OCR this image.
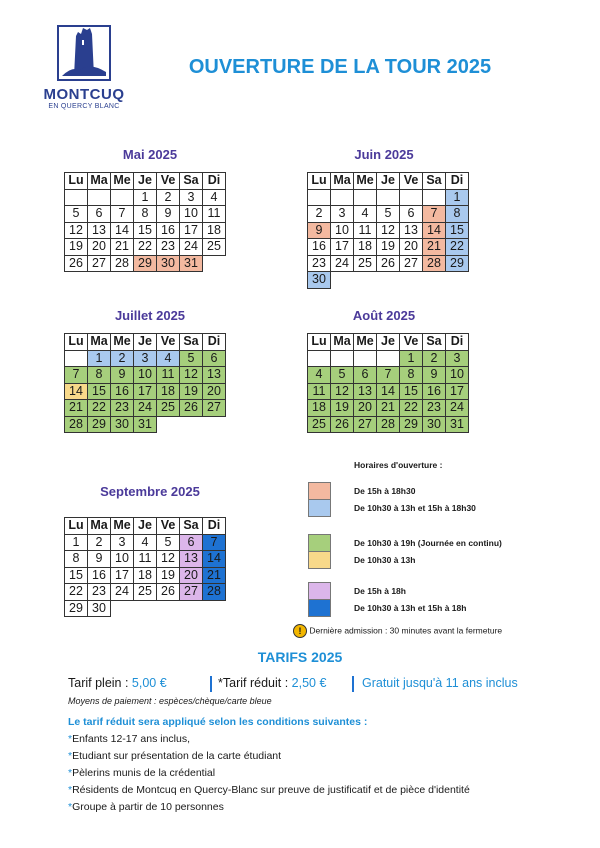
MONTCUQ
EN QUERCY BLANC
OUVERTURE DE LA TOUR 2025
Mai 2025	Juin 2025
Juillet 2025	Août 2025
Septembre 2025
Lu	Ma	Me	Je	Ve	Sa	Di
			1	2	3	4
5	6	7	8	9	10	11
12	13	14	15	16	17	18
19	20	21	22	23	24	25
26	27	28	29	30	31	
Lu	Ma	Me	Je	Ve	Sa	Di
						1
2	3	4	5	6	7	8
9	10	11	12	13	14	15
16	17	18	19	20	21	22
23	24	25	26	27	28	29
30						
Lu	Ma	Me	Je	Ve	Sa	Di
	1	2	3	4	5	6
7	8	9	10	11	12	13
14	15	16	17	18	19	20
21	22	23	24	25	26	27
28	29	30	31			
Lu	Ma	Me	Je	Ve	Sa	Di
				1	2	3
4	5	6	7	8	9	10
11	12	13	14	15	16	17
18	19	20	21	22	23	24
25	26	27	28	29	30	31
Lu	Ma	Me	Je	Ve	Sa	Di
1	2	3	4	5	6	7
8	9	10	11	12	13	14
15	16	17	18	19	20	21
22	23	24	25	26	27	28
29	30					
Horaires d'ouverture :
De 15h à 18h30
De 10h30 à 13h et 15h à 18h30
De 10h30 à 19h (Journée en continu)
De 10h30 à 13h
De 15h à 18h
De 10h30 à 13h et 15h à 18h
! Dernière admission : 30 minutes avant la fermeture
TARIFS 2025
Tarif plein : 5,00 €	*Tarif réduit : 2,50 €	Gratuit jusqu'à 11 ans inclus
Moyens de paiement : espèces/chèque/carte bleue
Le tarif réduit sera appliqué selon les conditions suivantes :
*Enfants 12-17 ans inclus,
*Etudiant sur présentation de la carte étudiant
*Pèlerins munis de la crédential
*Résidents de Montcuq en Quercy-Blanc sur preuve de justificatif et de pièce d'identité
*Groupe à partir de 10 personnes
